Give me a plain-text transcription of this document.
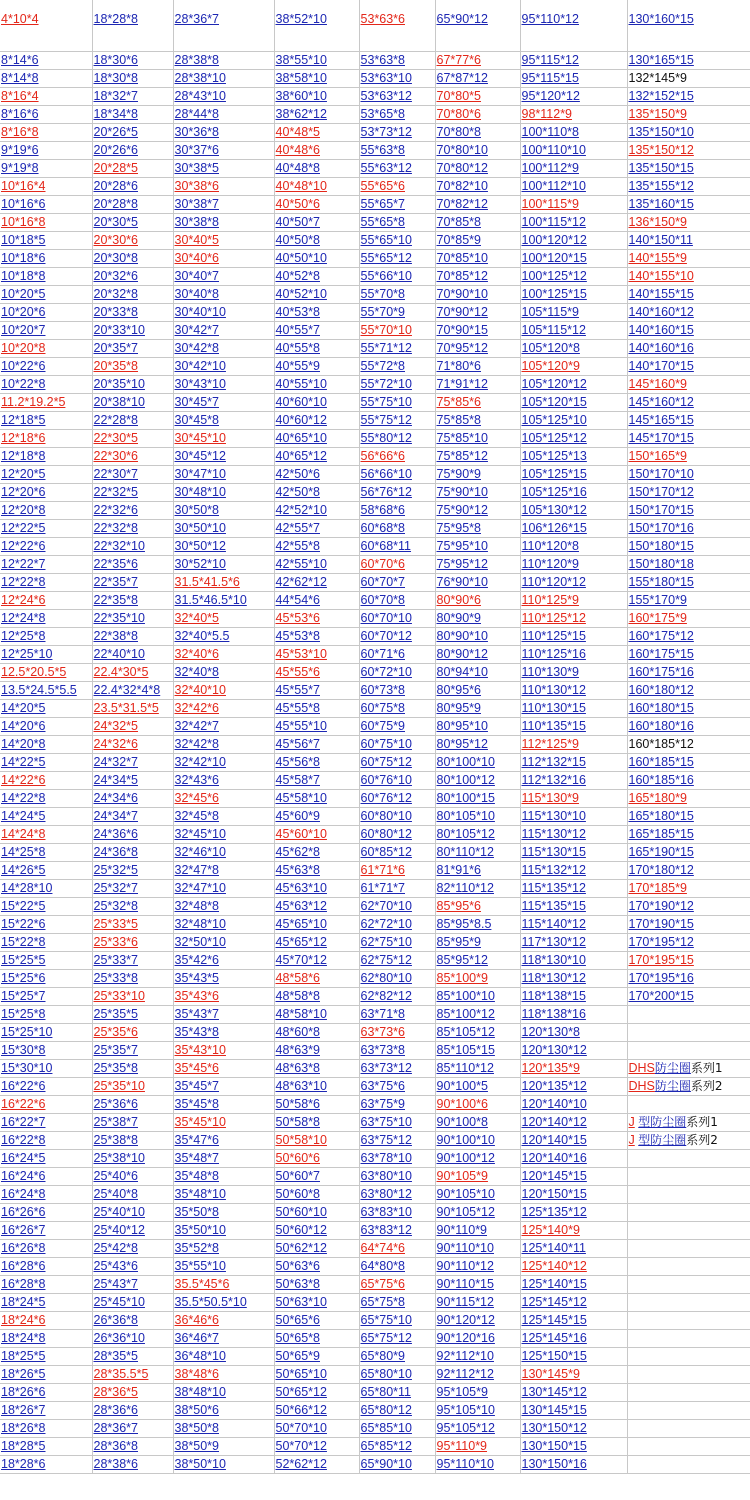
4*10*4	18*28*8	28*36*7	38*52*10	53*63*6	65*90*12	95*110*12	130*160*15
8*14*6	18*30*6	28*38*8	38*55*10	53*63*8	67*77*6	95*115*12	130*165*15
8*14*8	18*30*8	28*38*10	38*58*10	53*63*10	67*87*12	95*115*15	132*145*9
8*16*4	18*32*7	28*43*10	38*60*10	53*63*12	70*80*5	95*120*12	132*152*15
8*16*6	18*34*8	28*44*8	38*62*12	53*65*8	70*80*6	98*112*9	135*150*9
8*16*8	20*26*5	30*36*8	40*48*5	53*73*12	70*80*8	100*110*8	135*150*10
9*19*6	20*26*6	30*37*6	40*48*6	55*63*8	70*80*10	100*110*10	135*150*12
9*19*8	20*28*5	30*38*5	40*48*8	55*63*12	70*80*12	100*112*9	135*150*15
10*16*4	20*28*6	30*38*6	40*48*10	55*65*6	70*82*10	100*112*10	135*155*12
10*16*6	20*28*8	30*38*7	40*50*6	55*65*7	70*82*12	100*115*9	135*160*15
10*16*8	20*30*5	30*38*8	40*50*7	55*65*8	70*85*8	100*115*12	136*150*9
10*18*5	20*30*6	30*40*5	40*50*8	55*65*10	70*85*9	100*120*12	140*150*11
10*18*6	20*30*8	30*40*6	40*50*10	55*65*12	70*85*10	100*120*15	140*155*9
10*18*8	20*32*6	30*40*7	40*52*8	55*66*10	70*85*12	100*125*12	140*155*10
10*20*5	20*32*8	30*40*8	40*52*10	55*70*8	70*90*10	100*125*15	140*155*15
10*20*6	20*33*8	30*40*10	40*53*8	55*70*9	70*90*12	105*115*9	140*160*12
10*20*7	20*33*10	30*42*7	40*55*7	55*70*10	70*90*15	105*115*12	140*160*15
10*20*8	20*35*7	30*42*8	40*55*8	55*71*12	70*95*12	105*120*8	140*160*16
10*22*6	20*35*8	30*42*10	40*55*9	55*72*8	71*80*6	105*120*9	140*170*15
10*22*8	20*35*10	30*43*10	40*55*10	55*72*10	71*91*12	105*120*12	145*160*9
11.2*19.2*5	20*38*10	30*45*7	40*60*10	55*75*10	75*85*6	105*120*15	145*160*12
12*18*5	22*28*8	30*45*8	40*60*12	55*75*12	75*85*8	105*125*10	145*165*15
12*18*6	22*30*5	30*45*10	40*65*10	55*80*12	75*85*10	105*125*12	145*170*15
12*18*8	22*30*6	30*45*12	40*65*12	56*66*6	75*85*12	105*125*13	150*165*9
12*20*5	22*30*7	30*47*10	42*50*6	56*66*10	75*90*9	105*125*15	150*170*10
12*20*6	22*32*5	30*48*10	42*50*8	56*76*12	75*90*10	105*125*16	150*170*12
12*20*8	22*32*6	30*50*8	42*52*10	58*68*6	75*90*12	105*130*12	150*170*15
12*22*5	22*32*8	30*50*10	42*55*7	60*68*8	75*95*8	106*126*15	150*170*16
12*22*6	22*32*10	30*50*12	42*55*8	60*68*11	75*95*10	110*120*8	150*180*15
12*22*7	22*35*6	30*52*10	42*55*10	60*70*6	75*95*12	110*120*9	150*180*18
12*22*8	22*35*7	31.5*41.5*6	42*62*12	60*70*7	76*90*10	110*120*12	155*180*15
12*24*6	22*35*8	31.5*46.5*10	44*54*6	60*70*8	80*90*6	110*125*9	155*170*9
12*24*8	22*35*10	32*40*5	45*53*6	60*70*10	80*90*9	110*125*12	160*175*9
12*25*8	22*38*8	32*40*5.5	45*53*8	60*70*12	80*90*10	110*125*15	160*175*12
12*25*10	22*40*10	32*40*6	45*53*10	60*71*6	80*90*12	110*125*16	160*175*15
12.5*20.5*5	22.4*30*5	32*40*8	45*55*6	60*72*10	80*94*10	110*130*9	160*175*16
13.5*24.5*5.5	22.4*32*4*8	32*40*10	45*55*7	60*73*8	80*95*6	110*130*12	160*180*12
14*20*5	23.5*31.5*5	32*42*6	45*55*8	60*75*8	80*95*9	110*130*15	160*180*15
14*20*6	24*32*5	32*42*7	45*55*10	60*75*9	80*95*10	110*135*15	160*180*16
14*20*8	24*32*6	32*42*8	45*56*7	60*75*10	80*95*12	112*125*9	160*185*12
14*22*5	24*32*7	32*42*10	45*56*8	60*75*12	80*100*10	112*132*15	160*185*15
14*22*6	24*34*5	32*43*6	45*58*7	60*76*10	80*100*12	112*132*16	160*185*16
14*22*8	24*34*6	32*45*6	45*58*10	60*76*12	80*100*15	115*130*9	165*180*9
14*24*5	24*34*7	32*45*8	45*60*9	60*80*10	80*105*10	115*130*10	165*180*15
14*24*8	24*36*6	32*45*10	45*60*10	60*80*12	80*105*12	115*130*12	165*185*15
14*25*8	24*36*8	32*46*10	45*62*8	60*85*12	80*110*12	115*130*15	165*190*15
14*26*5	25*32*5	32*47*8	45*63*8	61*71*6	81*91*6	115*132*12	170*180*12
14*28*10	25*32*7	32*47*10	45*63*10	61*71*7	82*110*12	115*135*12	170*185*9
15*22*5	25*32*8	32*48*8	45*63*12	62*70*10	85*95*6	115*135*15	170*190*12
15*22*6	25*33*5	32*48*10	45*65*10	62*72*10	85*95*8.5	115*140*12	170*190*15
15*22*8	25*33*6	32*50*10	45*65*12	62*75*10	85*95*9	117*130*12	170*195*12
15*25*5	25*33*7	35*42*6	45*70*12	62*75*12	85*95*12	118*130*10	170*195*15
15*25*6	25*33*8	35*43*5	48*58*6	62*80*10	85*100*9	118*130*12	170*195*16
15*25*7	25*33*10	35*43*6	48*58*8	62*82*12	85*100*10	118*138*15	170*200*15
15*25*8	25*35*5	35*43*7	48*58*10	63*71*8	85*100*12	118*138*16	
15*25*10	25*35*6	35*43*8	48*60*8	63*73*6	85*105*12	120*130*8	
15*30*8	25*35*7	35*43*10	48*63*9	63*73*8	85*105*15	120*130*12	
15*30*10	25*35*8	35*45*6	48*63*8	63*73*12	85*110*12	120*135*9	DHS防尘圈系列1
16*22*6	25*35*10	35*45*7	48*63*10	63*75*6	90*100*5	120*135*12	DHS防尘圈系列2
16*22*6	25*36*6	35*45*8	50*58*6	63*75*9	90*100*6	120*140*10	
16*22*7	25*38*7	35*45*10	50*58*8	63*75*10	90*100*8	120*140*12	J 型防尘圈系列1
16*22*8	25*38*8	35*47*6	50*58*10	63*75*12	90*100*10	120*140*15	J 型防尘圈系列2
16*24*5	25*38*10	35*48*7	50*60*6	63*78*10	90*100*12	120*140*16	
16*24*6	25*40*6	35*48*8	50*60*7	63*80*10	90*105*9	120*145*15	
16*24*8	25*40*8	35*48*10	50*60*8	63*80*12	90*105*10	120*150*15	
16*26*6	25*40*10	35*50*8	50*60*10	63*83*10	90*105*12	125*135*12	
16*26*7	25*40*12	35*50*10	50*60*12	63*83*12	90*110*9	125*140*9	
16*26*8	25*42*8	35*52*8	50*62*12	64*74*6	90*110*10	125*140*11	
16*28*6	25*43*6	35*55*10	50*63*6	64*80*8	90*110*12	125*140*12	
16*28*8	25*43*7	35.5*45*6	50*63*8	65*75*6	90*110*15	125*140*15	
18*24*5	25*45*10	35.5*50.5*10	50*63*10	65*75*8	90*115*12	125*145*12	
18*24*6	26*36*8	36*46*6	50*65*6	65*75*10	90*120*12	125*145*15	
18*24*8	26*36*10	36*46*7	50*65*8	65*75*12	90*120*16	125*145*16	
18*25*5	28*35*5	36*48*10	50*65*9	65*80*9	92*112*10	125*150*15	
18*26*5	28*35.5*5	38*48*6	50*65*10	65*80*10	92*112*12	130*145*9	
18*26*6	28*36*5	38*48*10	50*65*12	65*80*11	95*105*9	130*145*12	
18*26*7	28*36*6	38*50*6	50*66*12	65*80*12	95*105*10	130*145*15	
18*26*8	28*36*7	38*50*8	50*70*10	65*85*10	95*105*12	130*150*12	
18*28*5	28*36*8	38*50*9	50*70*12	65*85*12	95*110*9	130*150*15	
18*28*6	28*38*6	38*50*10	52*62*12	65*90*10	95*110*10	130*150*16	
